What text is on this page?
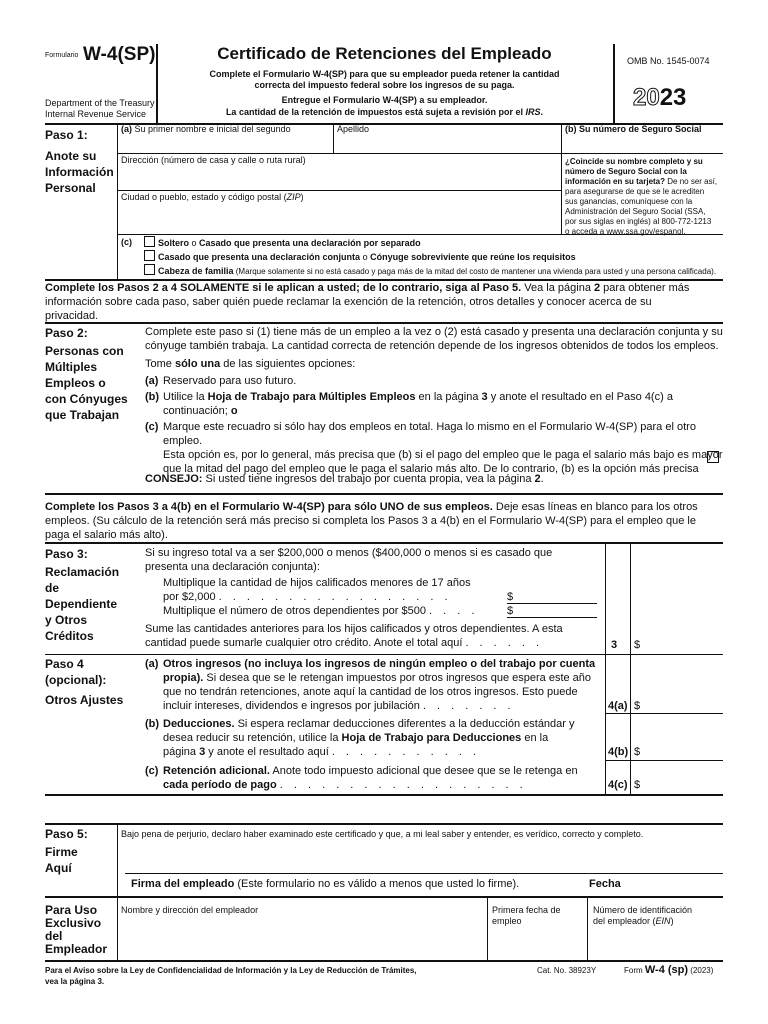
Formulario W-4(SP)
Department of the Treasury
Internal Revenue Service
Certificado de Retenciones del Empleado
Complete el Formulario W-4(SP) para que su empleador pueda retener la cantidad
correcta del impuesto federal sobre los ingresos de su paga.
Entregue el Formulario W-4(SP) a su empleador.
La cantidad de la retención de impuestos está sujeta a revisión por el IRS.
OMB No. 1545-0074
2023
Paso 1:
Anote su
Información
Personal
(a) Su primer nombre e inicial del segundo	Apellido	(b) Su número de Seguro Social
Dirección (número de casa y calle o ruta rural)
Ciudad o pueblo, estado y código postal (ZIP)
¿Coincide su nombre completo y su
número de Seguro Social con la
información en su tarjeta? De no ser así,
para asegurarse de que se le acrediten
sus ganancias, comuníquese con la
Administración del Seguro Social (SSA,
por sus siglas en inglés) al 800-772-1213
o acceda a www.ssa.gov/espanol.
(c)	Soltero o Casado que presenta una declaración por separado
Casado que presenta una declaración conjunta o Cónyuge sobreviviente que reúne los requisitos
Cabeza de familia (Marque solamente si no está casado y paga más de la mitad del costo de mantener una vivienda para usted y una persona calificada).
Complete los Pasos 2 a 4 SOLAMENTE si le aplican a usted; de lo contrario, siga al Paso 5. Vea la página 2 para obtener más
información sobre cada paso, saber quién puede reclamar la exención de la retención, otros detalles y conocer acerca de su
privacidad.
Paso 2:
Personas con
Múltiples
Empleos o
con Cónyuges
que Trabajan
Complete este paso si (1) tiene más de un empleo a la vez o (2) está casado y presenta una declaración conjunta y su
cónyuge también trabaja. La cantidad correcta de retención depende de los ingresos obtenidos de todos los empleos.
Tome sólo una de las siguientes opciones:
(a) Reservado para uso futuro.
(b) Utilice la Hoja de Trabajo para Múltiples Empleos en la página 3 y anote el resultado en el Paso 4(c) a
continuación; o
(c) Marque este recuadro si sólo hay dos empleos en total. Haga lo mismo en el Formulario W-4(SP) para el otro empleo.
Esta opción es, por lo general, más precisa que (b) si el pago del empleo que le paga el salario más bajo es mayor
que la mitad del pago del empleo que le paga el salario más alto. De lo contrario, (b) es la opción más precisa
CONSEJO: Si usted tiene ingresos del trabajo por cuenta propia, vea la página 2.
Complete los Pasos 3 a 4(b) en el Formulario W-4(SP) para sólo UNO de sus empleos. Deje esas líneas en blanco para los otros
empleos. (Su cálculo de la retención será más preciso si completa los Pasos 3 a 4(b) en el Formulario W-4(SP) para el empleo que le
paga el salario más alto).
Paso 3:
Reclamación
de
Dependiente
y Otros
Créditos
Si su ingreso total va a ser $200,000 o menos ($400,000 o menos si es casado que
presenta una declaración conjunta):
Multiplique la cantidad de hijos calificados menores de 17 años
por $2,000 . . . . . . . . . . . . . . . . .	$
Multiplique el número de otros dependientes por $500 . . . .	$
Sume las cantidades anteriores para los hijos calificados y otros dependientes. A esta
cantidad puede sumarle cualquier otro crédito. Anote el total aquí . . . . . .	3 $
Paso 4
(opcional):
Otros Ajustes
(a) Otros ingresos (no incluya los ingresos de ningún empleo o del trabajo por cuenta
propia). Si desea que se le retengan impuestos por otros ingresos que espera este año
que no tendrán retenciones, anote aquí la cantidad de los otros ingresos. Esto puede
incluir intereses, dividendos e ingresos por jubilación . . . . . . .	4(a) $
(b) Deducciones. Si espera reclamar deducciones diferentes a la deducción estándar y
desea reducir su retención, utilice la Hoja de Trabajo para Deducciones en la
página 3 y anote el resultado aquí . . . . . . . . . . .	4(b) $
(c) Retención adicional. Anote todo impuesto adicional que desee que se le retenga en
cada período de pago . . . . . . . . . . . . . . . . . .	4(c) $
Paso 5:
Firme
Aquí
Bajo pena de perjurio, declaro haber examinado este certificado y que, a mi leal saber y entender, es verídico, correcto y completo.
Firma del empleado (Este formulario no es válido a menos que usted lo firme).	Fecha
Para Uso
Exclusivo
del
Empleador
Nombre y dirección del empleador	Primera fecha de
empleo
Número de identificación
del empleador (EIN)
Para el Aviso sobre la Ley de Confidencialidad de Información y la Ley de Reducción de Trámites,
vea la página 3.
Cat. No. 38923Y	Form W-4 (sp) (2023)
